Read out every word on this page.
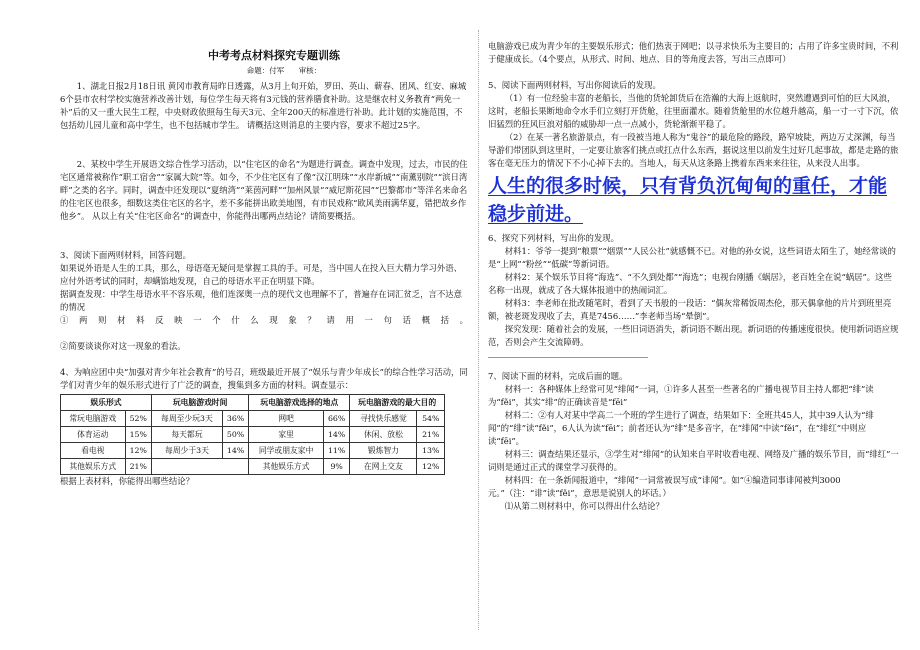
中考考点材料探究专题训练

命题：付军 审核：

1、湖北日报2月18日讯 黄冈市教育局昨日透露，从3月上旬开始，罗田、英山、蕲春、团风、红安、麻城6个县市农村学校实施营养改善计划，每位学生每天将有3元钱的营养膳食补助。这是继农村义务教育“两免一补”后的又一重大民生工程，中央财政依照每生每天3元、全年200天的标准进行补助。此计划的实施范围，不包括幼儿园儿童和高中学生，也不包括城市学生。 请概括这则消息的主要内容，要求不超过25字。

2、某校中学生开展语文综合性学习活动，以“住宅区的命名”为题进行调查。调查中发现，过去，市民的住宅区通常被称作“职工宿舍”“家属大院”等。如今，不少住宅区有了像“汉江明珠”“水岸新城”“南薰别院”“滨日湾畔”之类的名字。同时，调查中还发现以“夏纳湾”“莱茵河畔”“加州风景”“威尼斯花园”“巴黎都市”等洋名来命名的住宅区也很多，细数这类住宅区的名字，差不多能拼出欧美地图，有市民戏称“欧风美雨满华夏，错把故乡作他乡”。 从以上有关“住宅区命名”的调查中，你能得出哪两点结论？请简要概括。

3、阅读下面两则材料，回答问题。

如果说外语是人生的工具，那么，母语毫无疑问是掌握工具的手。可是，当中国人在投入巨大精力学习外语、应付外语考试的同时，却螨馅地发现，自己的母语水平正在明显下降。

据调查发现：中学生母语水平不容乐观，他们连深奥一点的现代文也理解不了，普遍存在词汇贫乏，言不达意的情况

①两则材料反映一个什么现象？请用一句话概括。

②简要谈谈你对这一现象的看法。

4、为响应团中央“加强对青少年社会教育”的号召，班级最近开展了“娱乐与青少年成长”的综合性学习活动，同学们对青少年的娱乐形式进行了广泛的调查，搜集到多方面的材料。调查显示：

娱乐形式		玩电脑游戏时间		玩电脑游戏选择的地点		玩电脑游戏的最大目的
常玩电脑游戏	52%	每周至少玩3天	36%	网吧	66%	寻找快乐感觉	54%
体育运动	15%	每天都玩	50%	家里	14%	休闲、放松	21%
看电视	12%	每周少于3天	14%	同学或朋友家中	11%	锻炼智力	13%
其他娱乐方式	21%			其他娱乐方式	9%	在网上交友	12%

根据上表材料，你能得出哪些结论？

电脑游戏已成为青少年的主要娱乐形式；他们热衷于网吧；以寻求快乐为主要目的；占用了许多宝贵时间，不利于健康成长。（4个要点，从形式、时间、地点、目的等角度去答，写出三点即可）

5、阅读下面两则材料，写出你阅读后的发现。

（1）有一位经验丰富的老船长，当他的货轮卸货后在浩瀚的大海上返航时，突然遭遇到可怕的巨大风浪，这时，老船长果断地命令水手们立刻打开货舱，往里面灌水。随着货舱里的水位越升越高，船一寸一寸下沉，依旧猛烈的狂风巨浪对船的威胁却一点一点减小，货轮渐渐平稳了。

（2）在某一著名旅游景点，有一段被当地人称为“鬼谷”的最危险的路段，路窄坡陡，两边万丈深渊，每当导游们带团队到这里时，一定要让旅客们挑点或扛点什么东西，据说这里以前发生过好几起事故，都是走路的旅客在毫无压力的情况下不小心掉下去的。当地人，每天从这条路上携着东西来来往往，从来没人出事。

人生的很多时候，只有背负沉甸甸的重任，才能稳步前进。

6、探究下列材料，写出你的发现。

材料1：爷爷一提到“粮票”“烟票”“人民公社”就感慨不已。对他的孙女说，这些词语太陌生了，她经常谈的是“上网”“粉丝”“低碳”等新词语。

材料2：某个娱乐节目将“海选”、“不久到处都”“海选”；电视台刚播《蜗居》，老百姓全在说“蜗居”。这些名称一出现，就成了各大媒体报道中的热闹词汇。

材料3：李老师在批改随笔时，看到了天书般的一段话：“偶灰常稀饭周杰伦，那天偶拿他的片片到班里亮额，被老斑发现收了去，真是7456……”李老师当场“晕倒”。

探究发现：随着社会的发展，一些旧词语消失，新词语不断出现。新词语的传播速度很快。使用新词语应规范，否则会产生交流障碍。

7、阅读下面的材料，完成后面的题。

材料一：各种媒体上经常可见“绯闻”一词，①许多人甚至一些著名的广播电视节目主持人都把“绯”读为“fěi”，其实“绯”的正确读音是“fēi”

材料二：②有人对某中学高二一个班的学生进行了调查，结果如下：全班共45人，其中39人认为“绯闻”的“绯”读“fěi”，6人认为读“fēi”；前者还认为“绯”是多音字，在“绯闻”中读“fěi”，在“绯红”中则应读“fēi”。

材料三：调查结果还显示，③学生对“绯闻”的认知来自平时收看电视、网络及广播的娱乐节目，而“绯红”一词则是通过正式的课堂学习获得的。

材料四：在一条新闻报道中，“绯闻”一词常被误写成“诽闻”。如“④编造同事诽闻被判3000元。”（注：“诽”读“fěi”，意思是说别人的坏话。）

⑴从第二则材料中，你可以得出什么结论？
